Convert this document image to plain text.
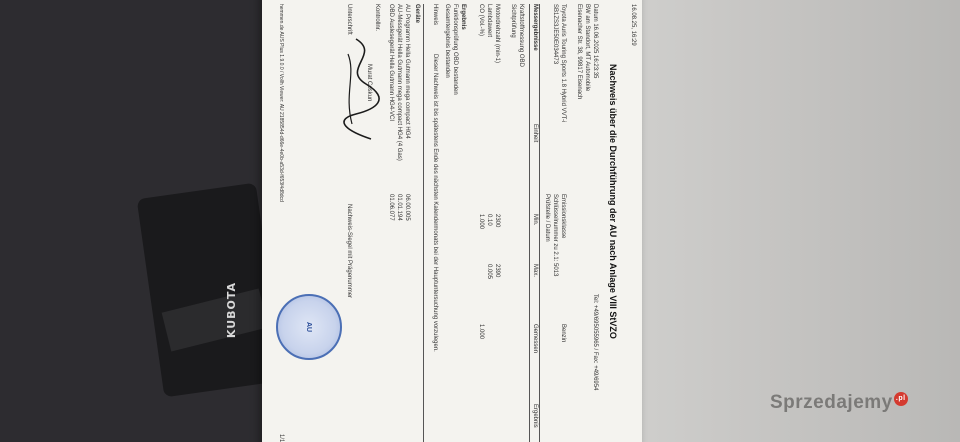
KUBOTA
16.08.25, 16:29
Nachweis über die Durchführung der AU nach Anlage VIII StVZO
Datum 16.06.2025 16:23:35
BW am Standort, MT Automobile
Eisenacher Str. 38, 99817 Eisenach
Tel: +49/695055965 / Fax: +49/6954
Toyota Auris Touring Sports 1.8 Hybrid VVT-i
SB1ZS3JE50E034473
Emissionsklasse
Benzin
Schlüsselnummer zu 2.1: 5013
Prüfstelle / Datum
Messergebnisse
Einheit
Min.
Max.
Gemessen
Ergebnis
Kraftstoffmessung OBD
Sichtprüfung
Motordrehzahl (min-1)
2300
2390
Lambdawert
0.10
0.005
CO (Vol.-%)
1.000
1.000
Ergebnis
Funktionsprüfung OBD bestanden
Gesamtergebnis bestanden
Hinweis
Dieser Nachweis ist bis spätestens Ende des nächsten Kalendermonats bei der Hauptuntersuchung vorzulegen.
Geräte
AU Programm Hella Gutmann mega compact HG4
AU-Messgerät Hella Gutmann mega compact HG4 (4 Gas)
OBD Auslesegerät Hella Gutmann HG4-VCI
06.00.005
01.01.194
01.06.077
Kontrollnr.
Murat Coskun
Unterschrift
Nachweis-Siegel mit Prägenummer
AU
hemmen.de AUS Plus 1.9.0.0 / Vollh Viewer: AU 2185854d-d66e-4e0b-a53d-f653f4d8dcd
1/1
Sprzedajemy .pl
